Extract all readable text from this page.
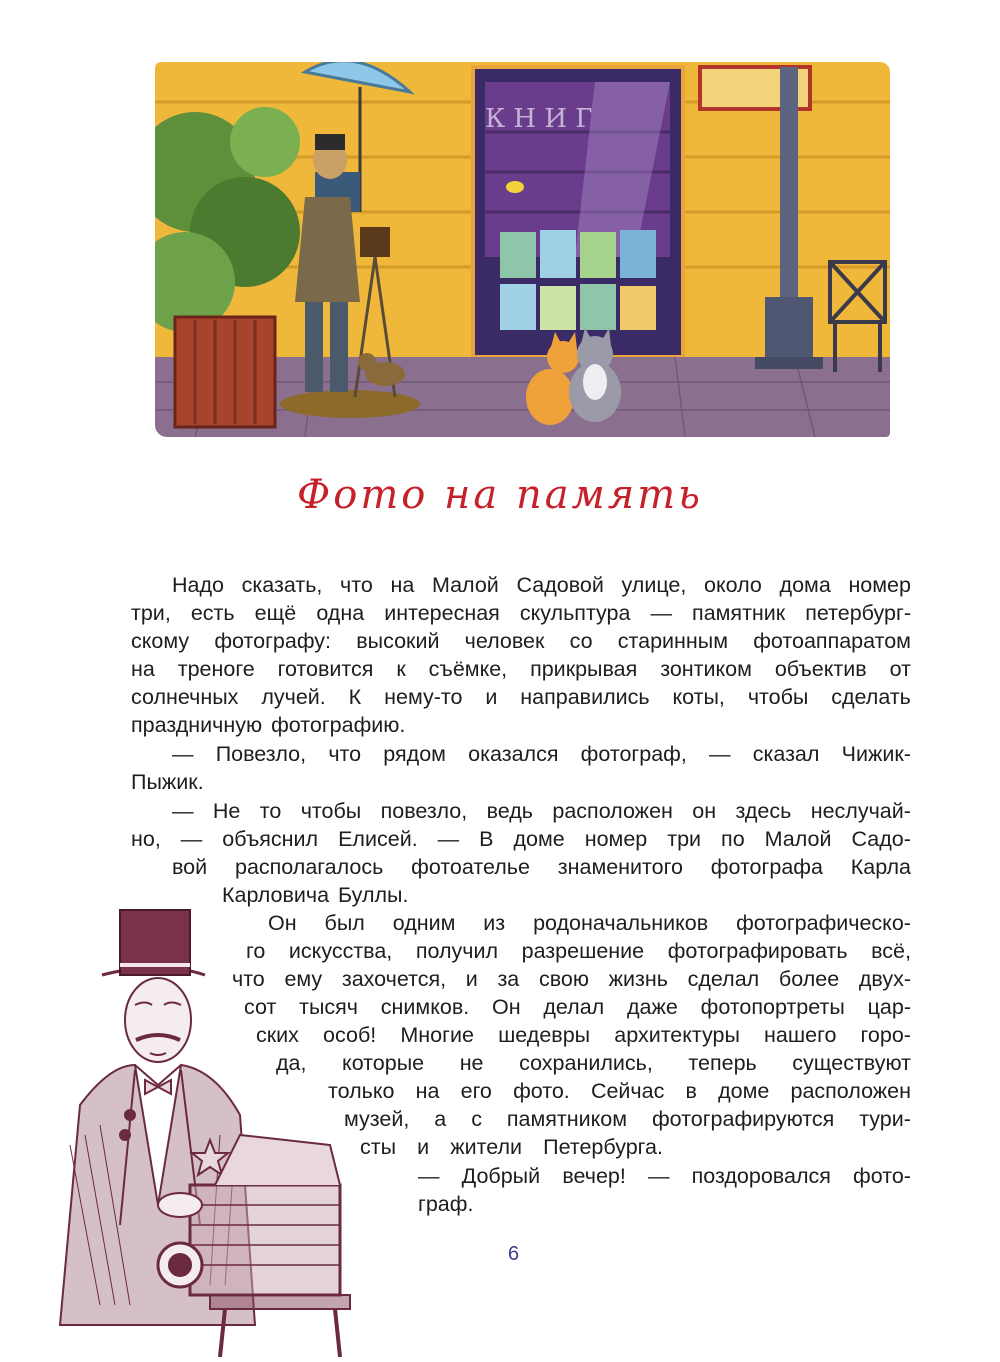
К Н И Г
Фото на память
Надо сказать, что на Малой Садовой улице, около дома номер
три, есть ещё одна интересная скульптура — памятник петербург-
скому фотографу: высокий человек со старинным фотоаппаратом
на треноге готовится к съёмке, прикрывая зонтиком объектив от
солнечных лучей. К нему-то и направились коты, чтобы сделать
праздничную фотографию.
— Повезло, что рядом оказался фотограф, — сказал Чижик-
Пыжик.
— Не то чтобы повезло, ведь расположен он здесь неслучай-
но, — объяснил Елисей. — В доме номер три по Малой Садо-
вой располагалось фотоателье знаменитого фотографа Карла
Карловича Буллы.
Он был одним из родоначальников фотографическо-
го искусства, получил разрешение фотографировать всё,
что ему захочется, и за свою жизнь сделал более двух-
сот тысяч снимков. Он делал даже фотопортреты цар-
ских особ! Многие шедевры архитектуры нашего горо-
да, которые не сохранились, теперь существуют
только на его фото. Сейчас в доме расположен
музей, а с памятником фотографируются тури-
сты и жители Петербурга.
— Добрый вечер! — поздоровался фото-
граф.
6
